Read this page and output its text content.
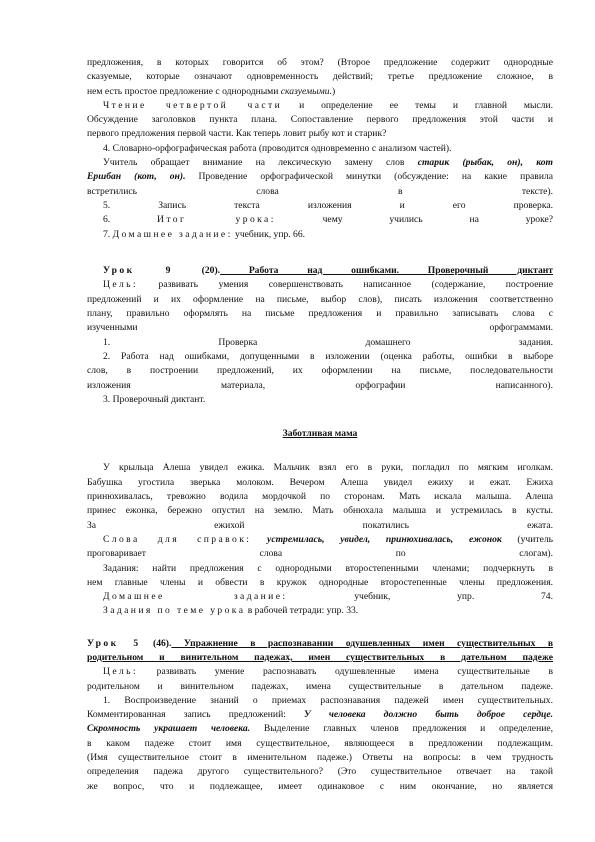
предложения, в которых говорится об этом? (Второе предложение содержит однородные

сказуемые, которые означают одновременность действий; третье предложение сложное, в

нем есть простое предложение с однородными сказуемыми.)

Чтение четвертой части и определение ее темы и главной мысли.

Обсуждение заголовков пункта плана. Сопоставление первого предложения этой части и

первого предложения первой части. Как теперь ловит рыбу кот и старик?

4. Словарно-орфографическая работа (проводится одновременно с анализом частей).

Учитель обращает внимание на лексическую замену слов старик (рыбак, он), кот

Ершбан (кот, он). Проведение орфографической минутки (обсуждение: на какие правила

встретились слова в тексте).

5. Запись текста изложения и его проверка.

6. Итог урока: чему учились на уроке?

7. Домашнее задание: учебник, упр. 66.

Урок 9 (20). Работа над ошибками. Проверочный диктант

Цель: развивать умения совершенствовать написанное (содержание, построение

предложений и их оформление на письме, выбор слов), писать изложения соответственно

плану, правильно оформлять на письме предложения и правильно записывать слова с

изученными орфограммами.

1. Проверка домашнего задания.

2. Работа над ошибками, допущенными в изложении (оценка работы, ошибки в выборе

слов, в построении предложений, их оформлении на письме, последовательности

изложения материала, орфографии написанного).

3. Проверочный диктант.

Заботливая мама

У крыльца Алеша увидел ежика. Мальчик взял его в руки, погладил по мягким иголкам.

Бабушка угостила зверька молоком. Вечером Алеша увидел ежиху и ежат. Ежиха

принюхивалась, тревожно водила мордочкой по сторонам. Мать искала малыша. Алеша

принес ежонка, бережно опустил на землю. Мать обнюхала малыша и устремилась в кусты.

За ежихой покатились ежата.

Слова для справок: устремилась, увидел, принюхивалась, ежонок (учитель

проговаривает слова по слогам).

Задания: найти предложения с однородными второстепенными членами; подчеркнуть в

нем главные члены и обвести в кружок однородные второстепенные члены предложения.

Домашнее задание: учебник, упр. 74.

Задания по теме урока в рабочей тетради: упр. 33.

Урок 5 (46). Упражнение в распознавании одушевленных имен существительных в

родительном и винительном падежах, имен существительных в дательном падеже

Цель: развивать умение распознавать одушевленные имена существительные в

родительном и винительном падежах, имена существительные в дательном падеже.

1. Воспроизведение знаний о приемах распознавания падежей имен существительных.

Комментированная запись предложений: У человека должно быть доброе сердце.

Скромность украшает человека. Выделение главных членов предложения и определение,

в каком падеже стоит имя существительное, являющееся в предложении подлежащим.

(Имя существительное стоит в именительном падеже.) Ответы на вопросы: в чем трудность

определения падежа другого существительного? (Это существительное отвечает на такой

же вопрос, что и подлежащее, имеет одинаковое с ним окончание, но является
